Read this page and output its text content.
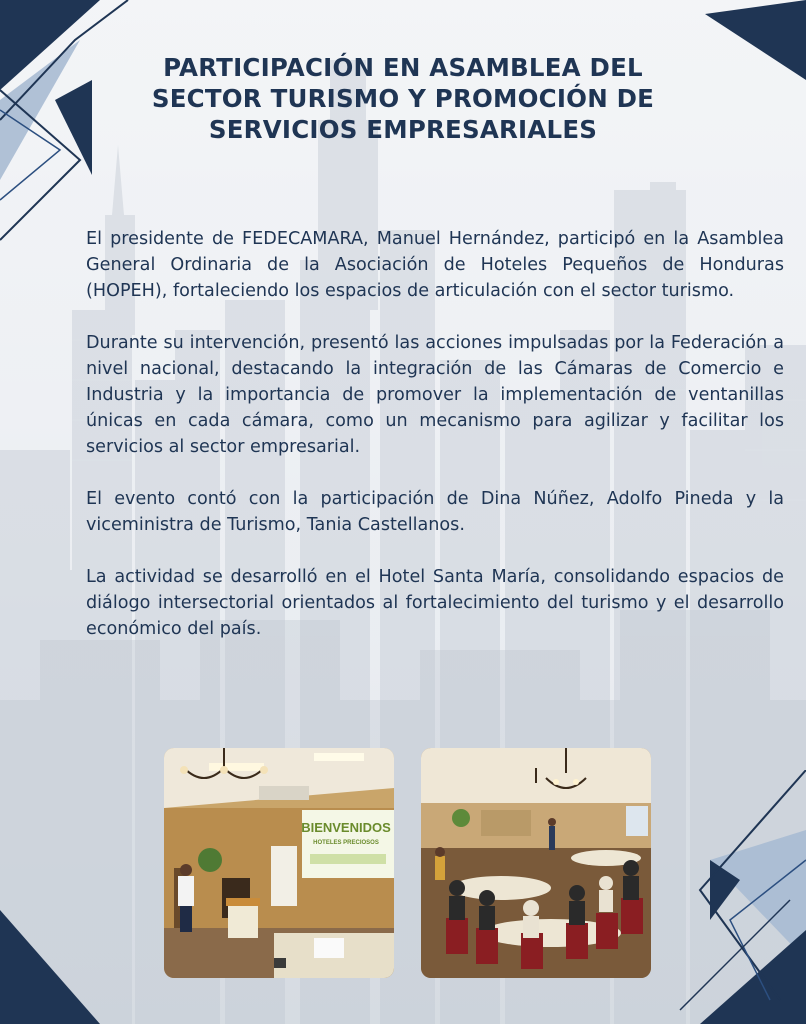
PARTICIPACIÓN EN ASAMBLEA DEL SECTOR TURISMO Y PROMOCIÓN DE SERVICIOS EMPRESARIALES

El presidente de FEDECAMARA, Manuel Hernández, participó en la Asamblea General Ordinaria de la Asociación de Hoteles Pequeños de Honduras (HOPEH), fortaleciendo los espacios de articulación con el sector turismo.

Durante su intervención, presentó las acciones impulsadas por la Federación a nivel nacional, destacando la integración de las Cámaras de Comercio e Industria y la importancia de promover la implementación de ventanillas únicas en cada cámara, como un mecanismo para agilizar y facilitar los servicios al sector empresarial.

El evento contó con la participación de Dina Núñez, Adolfo Pineda y la viceministra de Turismo, Tania Castellanos.

La actividad se desarrolló en el Hotel Santa María, consolidando espacios de diálogo intersectorial orientados al fortalecimiento del turismo y el desarrollo económico del país.

BIENVENIDOS
HOTELES PRECIOSOS
